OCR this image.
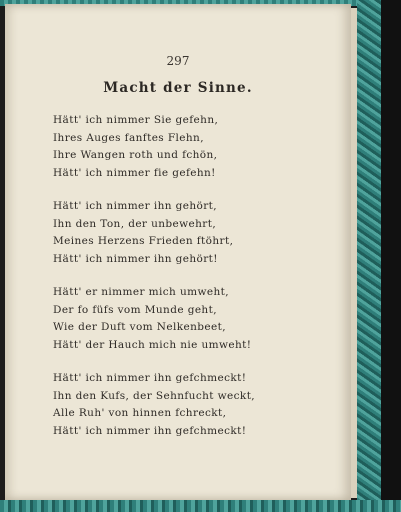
297
Macht der Sinne.
Hätt' ich nimmer Sie gefehn,
Ihres Auges fanftes Flehn,
Ihre Wangen roth und fchön,
Hätt' ich nimmer fie gefehn!
Hätt' ich nimmer ihn gehört,
Ihn den Ton, der unbewehrt,
Meines Herzens Frieden ftöhrt,
Hätt' ich nimmer ihn gehört!
Hätt' er nimmer mich umweht,
Der fo füfs vom Munde geht,
Wie der Duft vom Nelkenbeet,
Hätt' der Hauch mich nie umweht!
Hätt' ich nimmer ihn gefchmeckt!
Ihn den Kufs, der Sehnfucht weckt,
Alle Ruh' von hinnen fchreckt,
Hätt' ich nimmer ihn gefchmeckt!
